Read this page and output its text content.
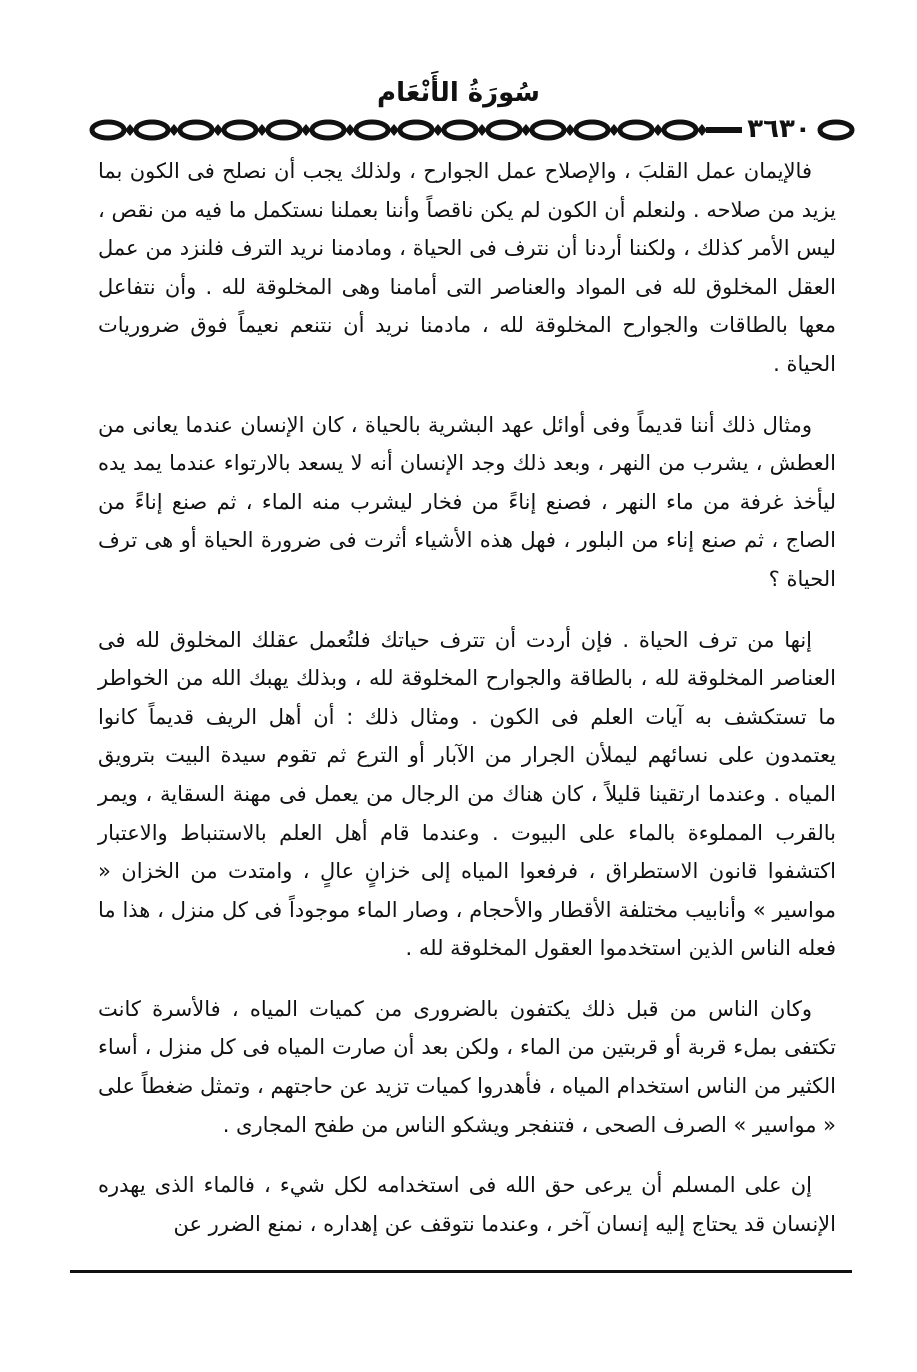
سُورَةُ الأَنْعَام
٣٦٣٠

فالإيمان عمل القلبَ ، والإصلاح عمل الجوارح ، ولذلك يجب أن نصلح فى الكون بما يزيد من صلاحه . ولنعلم أن الكون لم يكن ناقصاً وأننا بعملنا نستكمل ما فيه من نقص ، ليس الأمر كذلك ، ولكننا أردنا أن نترف فى الحياة ، ومادمنا نريد الترف فلنزد من عمل العقل المخلوق لله فى المواد والعناصر التى أمامنا وهى المخلوقة لله . وأن نتفاعل معها بالطاقات والجوارح المخلوقة لله ، مادمنا نريد أن نتنعم نعيماً فوق ضروريات الحياة .

ومثال ذلك أننا قديماً وفى أوائل عهد البشرية بالحياة ، كان الإنسان عندما يعانى من العطش ، يشرب من النهر ، وبعد ذلك وجد الإنسان أنه لا يسعد بالارتواء عندما يمد يده ليأخذ غرفة من ماء النهر ، فصنع إناءً من فخار ليشرب منه الماء ، ثم صنع إناءً من الصاج ، ثم صنع إناء من البلور ، فهل هذه الأشياء أثرت فى ضرورة الحياة أو هى ترف الحياة ؟

إنها من ترف الحياة . فإن أردت أن تترف حياتك فلتُعمل عقلك المخلوق لله فى العناصر المخلوقة لله ، بالطاقة والجوارح المخلوقة لله ، وبذلك يهبك الله من الخواطر ما تستكشف به آيات العلم فى الكون . ومثال ذلك : أن أهل الريف قديماً كانوا يعتمدون على نسائهم ليملأن الجرار من الآبار أو الترع ثم تقوم سيدة البيت بترويق المياه . وعندما ارتقينا قليلاً ، كان هناك من الرجال من يعمل فى مهنة السقاية ، ويمر بالقرب المملوءة بالماء على البيوت . وعندما قام أهل العلم بالاستنباط والاعتبار اكتشفوا قانون الاستطراق ، فرفعوا المياه إلى خزانٍ عالٍ ، وامتدت من الخزان « مواسير » وأنابيب مختلفة الأقطار والأحجام ، وصار الماء موجوداً فى كل منزل ، هذا ما فعله الناس الذين استخدموا العقول المخلوقة لله .

وكان الناس من قبل ذلك يكتفون بالضرورى من كميات المياه ، فالأسرة كانت تكتفى بملء قربة أو قربتين من الماء ، ولكن بعد أن صارت المياه فى كل منزل ، أساء الكثير من الناس استخدام المياه ، فأهدروا كميات تزيد عن حاجتهم ، وتمثل ضغطاً على « مواسير » الصرف الصحى ، فتنفجر ويشكو الناس من طفح المجارى .

إن على المسلم أن يرعى حق الله فى استخدامه لكل شيء ، فالماء الذى يهدره الإنسان قد يحتاج إليه إنسان آخر ، وعندما نتوقف عن إهداره ، نمنع الضرر عن
